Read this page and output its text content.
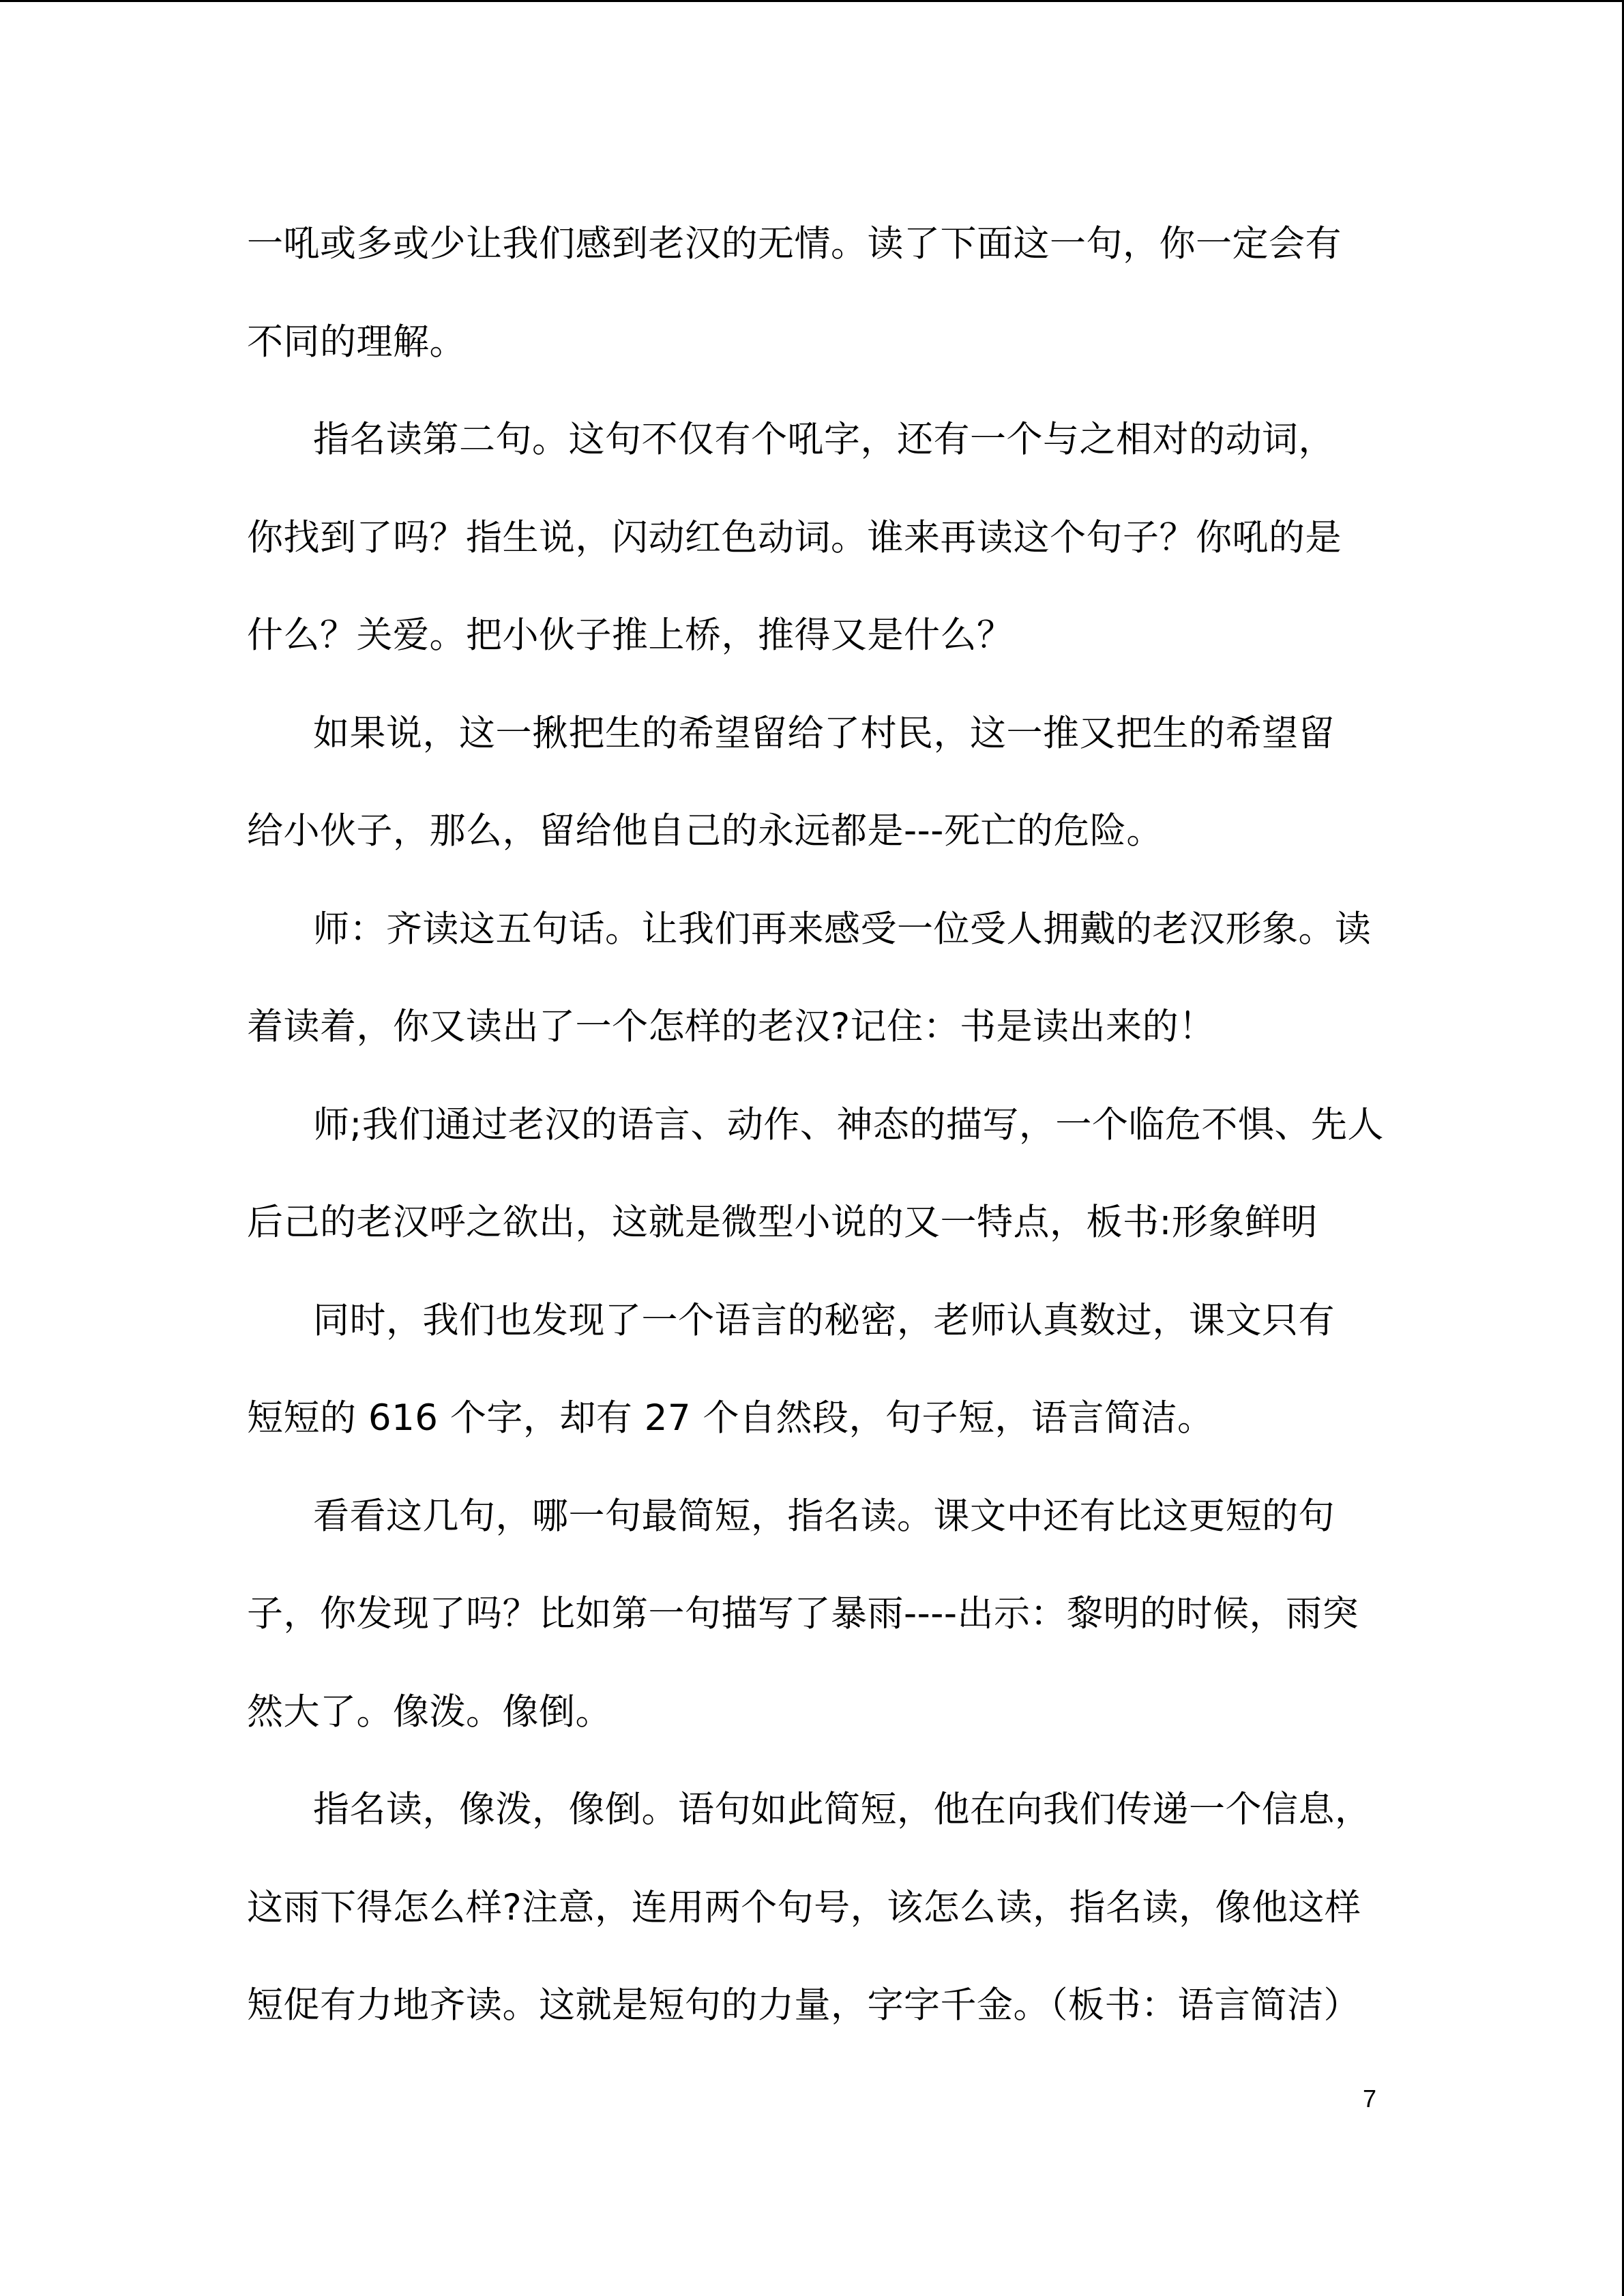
一吼或多或少让我们感到老汉的无情。读了下面这一句，你一定会有
不同的理解。
指名读第二句。这句不仅有个吼字，还有一个与之相对的动词，
你找到了吗？指生说，闪动红色动词。谁来再读这个句子？你吼的是
什么？关爱。把小伙子推上桥，推得又是什么？
如果说，这一揪把生的希望留给了村民，这一推又把生的希望留
给小伙子，那么，留给他自己的永远都是---死亡的危险。
师：齐读这五句话。让我们再来感受一位受人拥戴的老汉形象。读
着读着，你又读出了一个怎样的老汉?记住：书是读出来的！
师;我们通过老汉的语言、动作、神态的描写，一个临危不惧、先人
后己的老汉呼之欲出，这就是微型小说的又一特点，板书:形象鲜明
同时，我们也发现了一个语言的秘密，老师认真数过，课文只有
短短的 616 个字，却有 27 个自然段，句子短，语言简洁。
看看这几句，哪一句最简短，指名读。课文中还有比这更短的句
子，你发现了吗？比如第一句描写了暴雨----出示：黎明的时候，雨突
然大了。像泼。像倒。
指名读，像泼，像倒。语句如此简短，他在向我们传递一个信息，
这雨下得怎么样?注意，连用两个句号，该怎么读，指名读，像他这样
短促有力地齐读。这就是短句的力量，字字千金。（板书：语言简洁）
7
